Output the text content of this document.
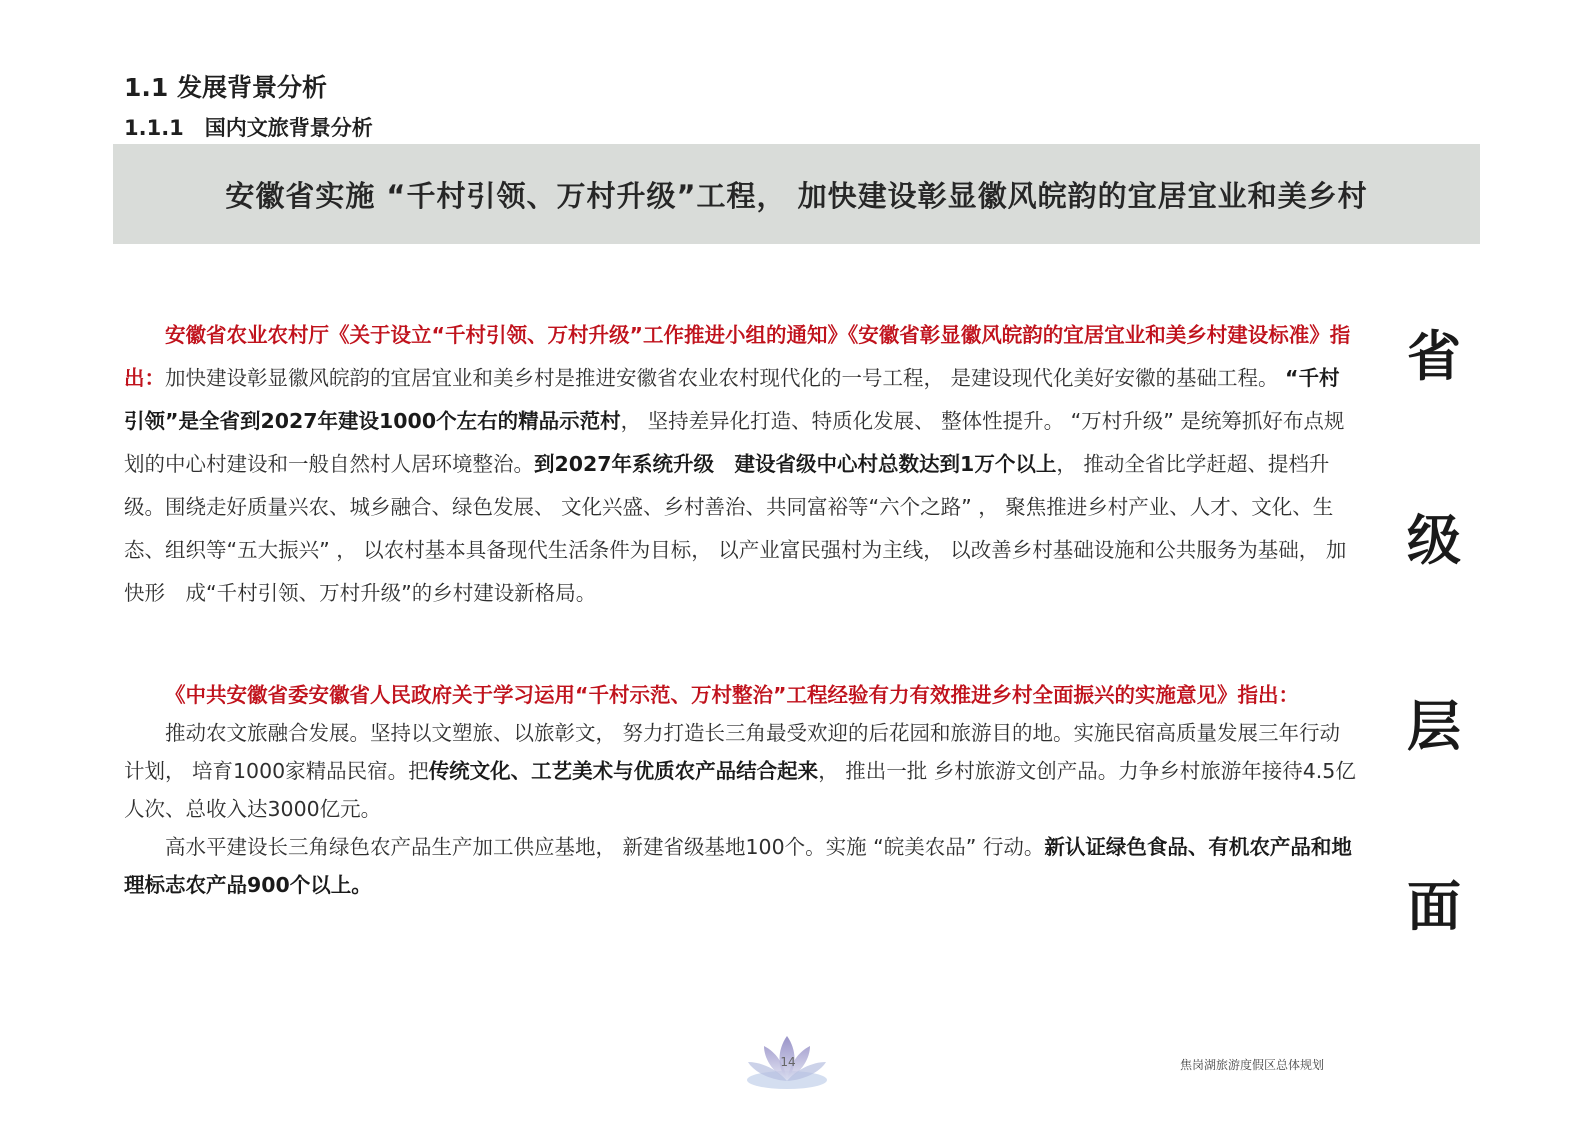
1.1 发展背景分析
1.1.1　国内文旅背景分析
安徽省实施 “千村引领、万村升级”工程， 加快建设彰显徽风皖韵的宜居宜业和美乡村

安徽省农业农村厅《关于设立“千村引领、万村升级”工作推进小组的通知》《安徽省彰显徽风皖韵的宜居宜业和美乡村建设标准》指出：加快建设彰显徽风皖韵的宜居宜业和美乡村是推进安徽省农业农村现代化的一号工程， 是建设现代化美好安徽的基础工程。 “千村引领”是全省到2027年建设1000个左右的精品示范村， 坚持差异化打造、特质化发展、 整体性提升。 “万村升级” 是统筹抓好布点规划的中心村建设和一般自然村人居环境整治。到2027年系统升级　建设省级中心村总数达到1万个以上， 推动全省比学赶超、提档升级。围绕走好质量兴农、城乡融合、绿色发展、 文化兴盛、乡村善治、共同富裕等“六个之路” ， 聚焦推进乡村产业、人才、文化、生态、组织等“五大振兴” ， 以农村基本具备现代生活条件为目标， 以产业富民强村为主线， 以改善乡村基础设施和公共服务为基础， 加快形　成“千村引领、万村升级”的乡村建设新格局。

《中共安徽省委安徽省人民政府关于学习运用“千村示范、万村整治”工程经验有力有效推进乡村全面振兴的实施意见》指出：

推动农文旅融合发展。坚持以文塑旅、以旅彰文， 努力打造长三角最受欢迎的后花园和旅游目的地。实施民宿高质量发展三年行动计划， 培育1000家精品民宿。把传统文化、工艺美术与优质农产品结合起来， 推出一批 乡村旅游文创产品。力争乡村旅游年接待4.5亿人次、总收入达3000亿元。

高水平建设长三角绿色农产品生产加工供应基地， 新建省级基地100个。实施 “皖美农品” 行动。新认证绿色食品、有机农产品和地理标志农产品900个以上。

省
级
层
面
14	焦岗湖旅游度假区总体规划
